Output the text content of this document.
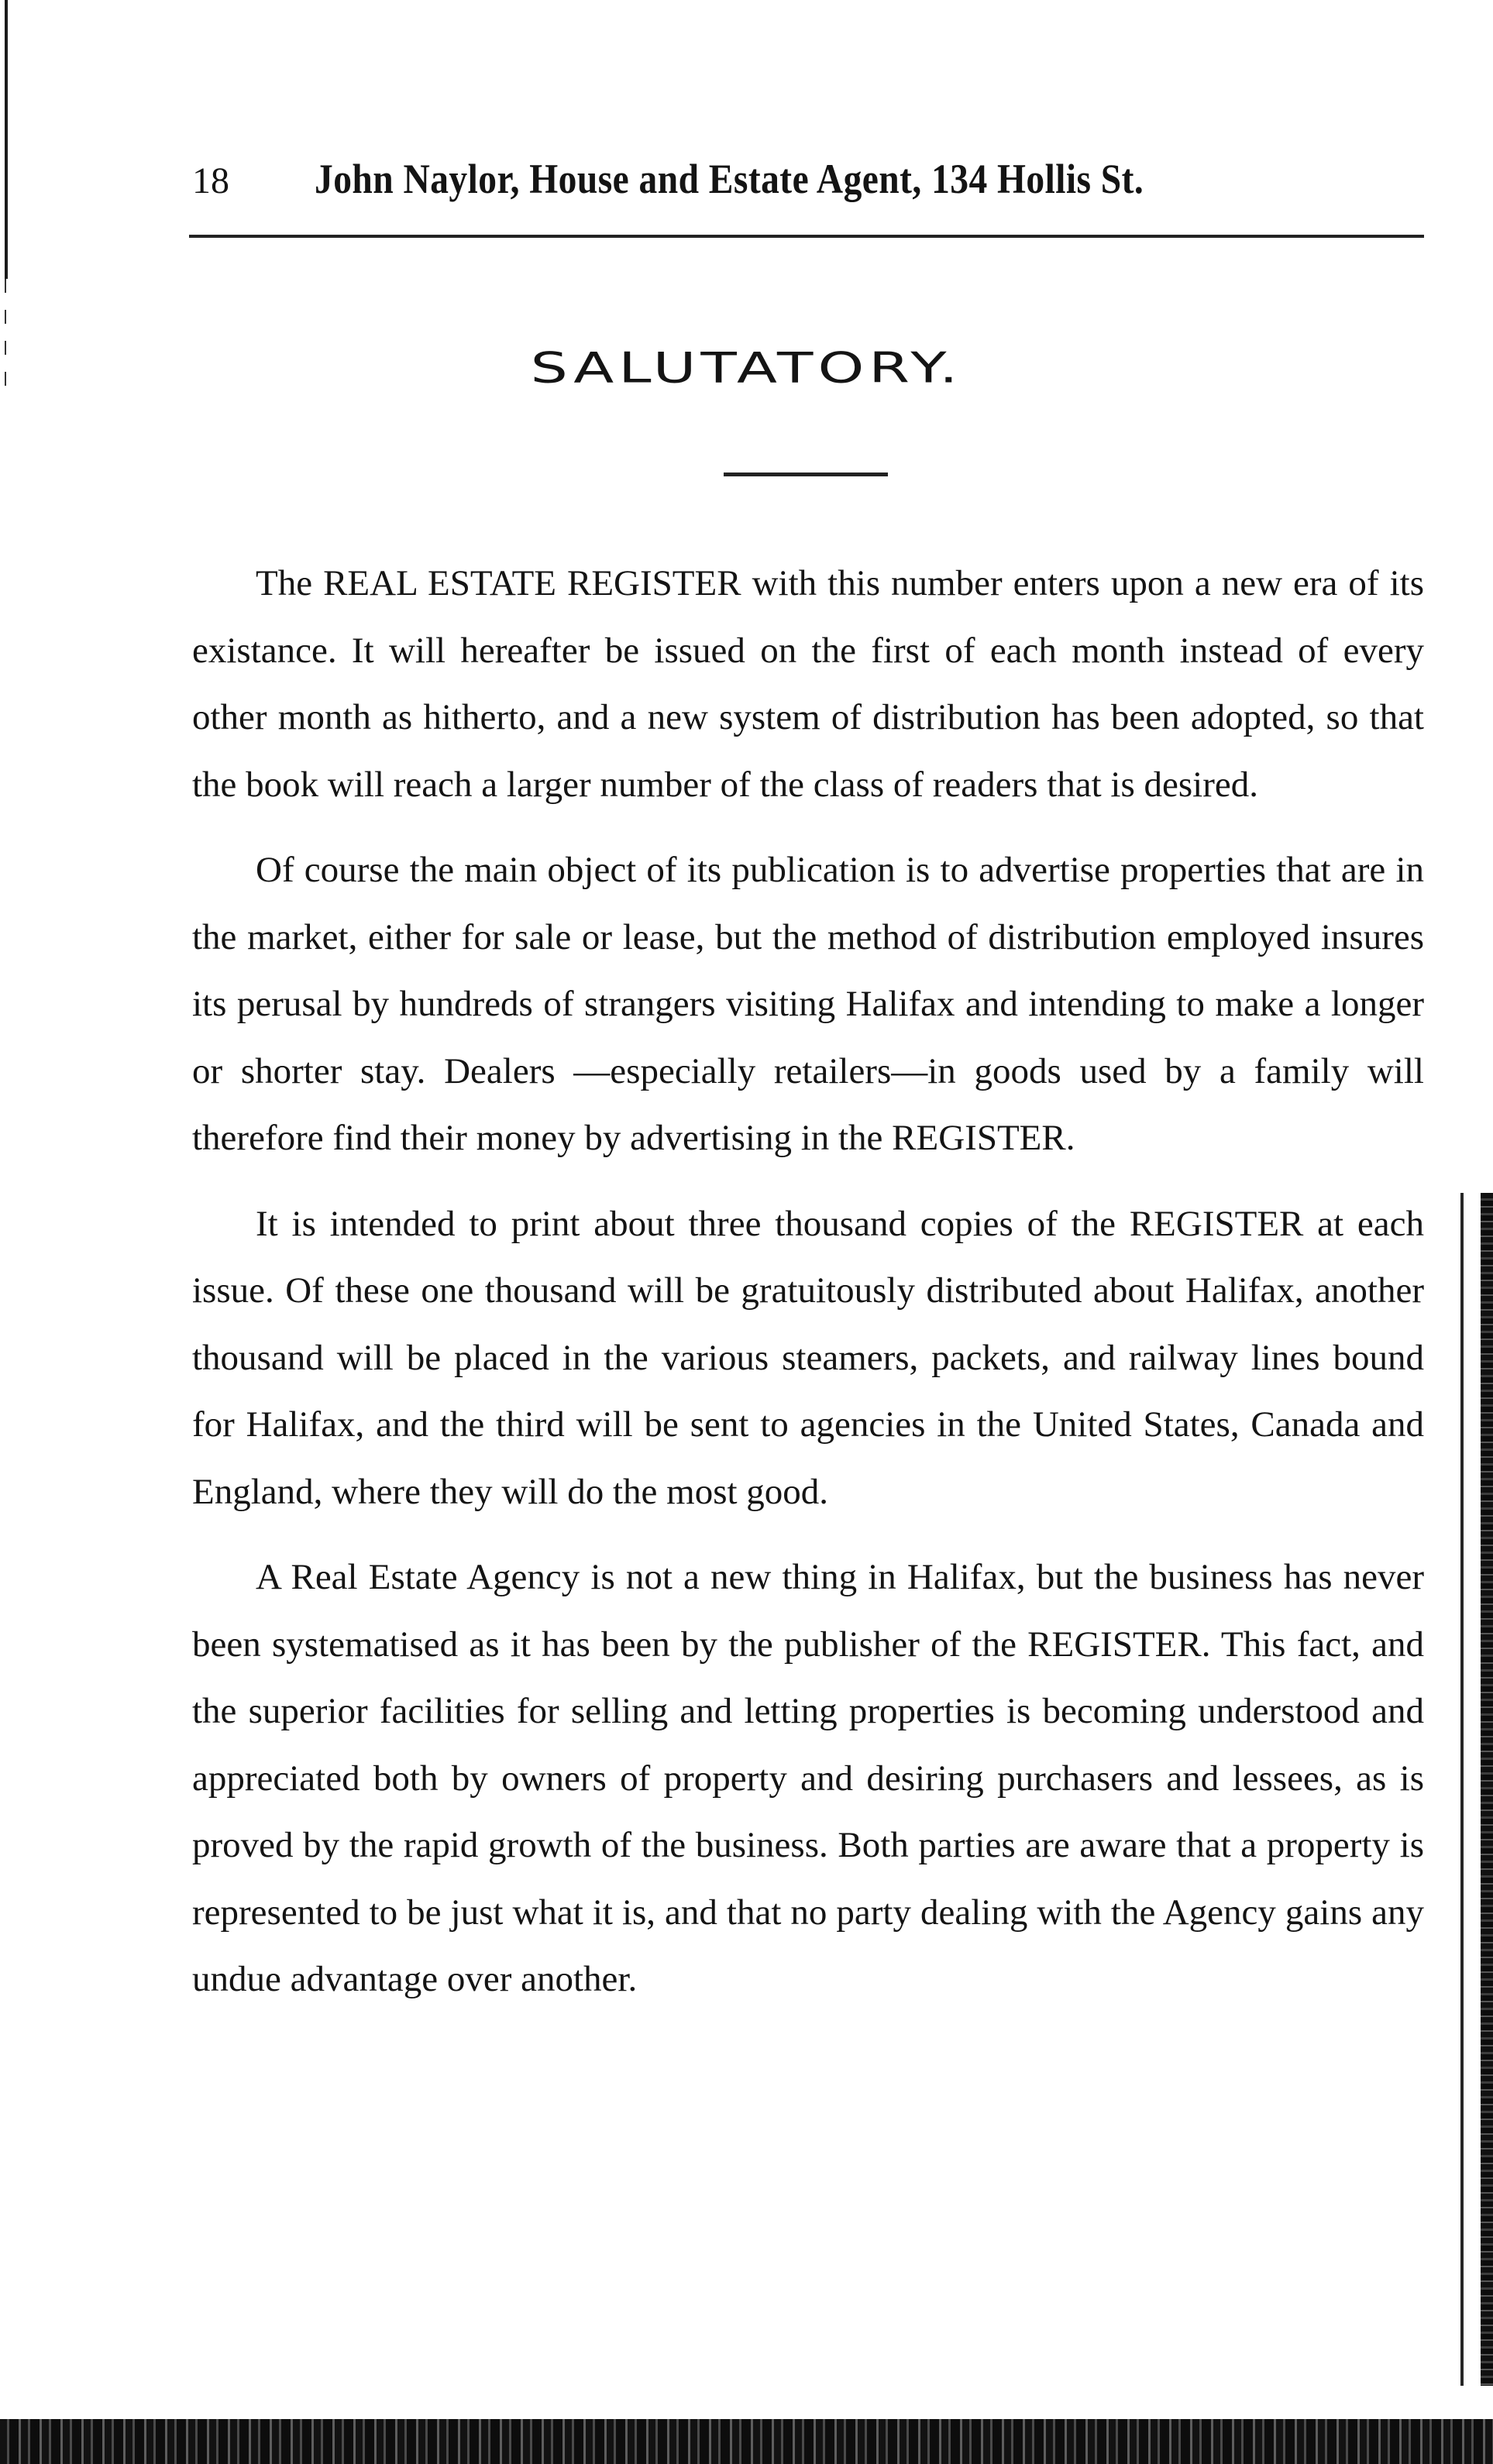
18	John Naylor, House and Estate Agent, 134 Hollis St.
SALUTATORY.

The REAL ESTATE REGISTER with this number enters upon a new era of its existance. It will hereafter be issued on the first of each month instead of every other month as hitherto, and a new system of distribution has been adopted, so that the book will reach a larger number of the class of readers that is desired.

Of course the main object of its publication is to advertise properties that are in the market, either for sale or lease, but the method of distribution employed insures its perusal by hundreds of strangers visiting Halifax and intending to make a longer or shorter stay. Dealers —especially retailers—in goods used by a family will therefore find their money by advertising in the REGISTER.

It is intended to print about three thousand copies of the REGISTER at each issue. Of these one thousand will be gratuitously distributed about Halifax, another thousand will be placed in the various steamers, packets, and railway lines bound for Halifax, and the third will be sent to agencies in the United States, Canada and England, where they will do the most good.

A Real Estate Agency is not a new thing in Halifax, but the business has never been systematised as it has been by the publisher of the REGISTER. This fact, and the superior facilities for selling and letting properties is becoming understood and appreciated both by owners of property and desiring purchasers and lessees, as is proved by the rapid growth of the business. Both parties are aware that a property is represented to be just what it is, and that no party dealing with the Agency gains any undue advantage over another.
